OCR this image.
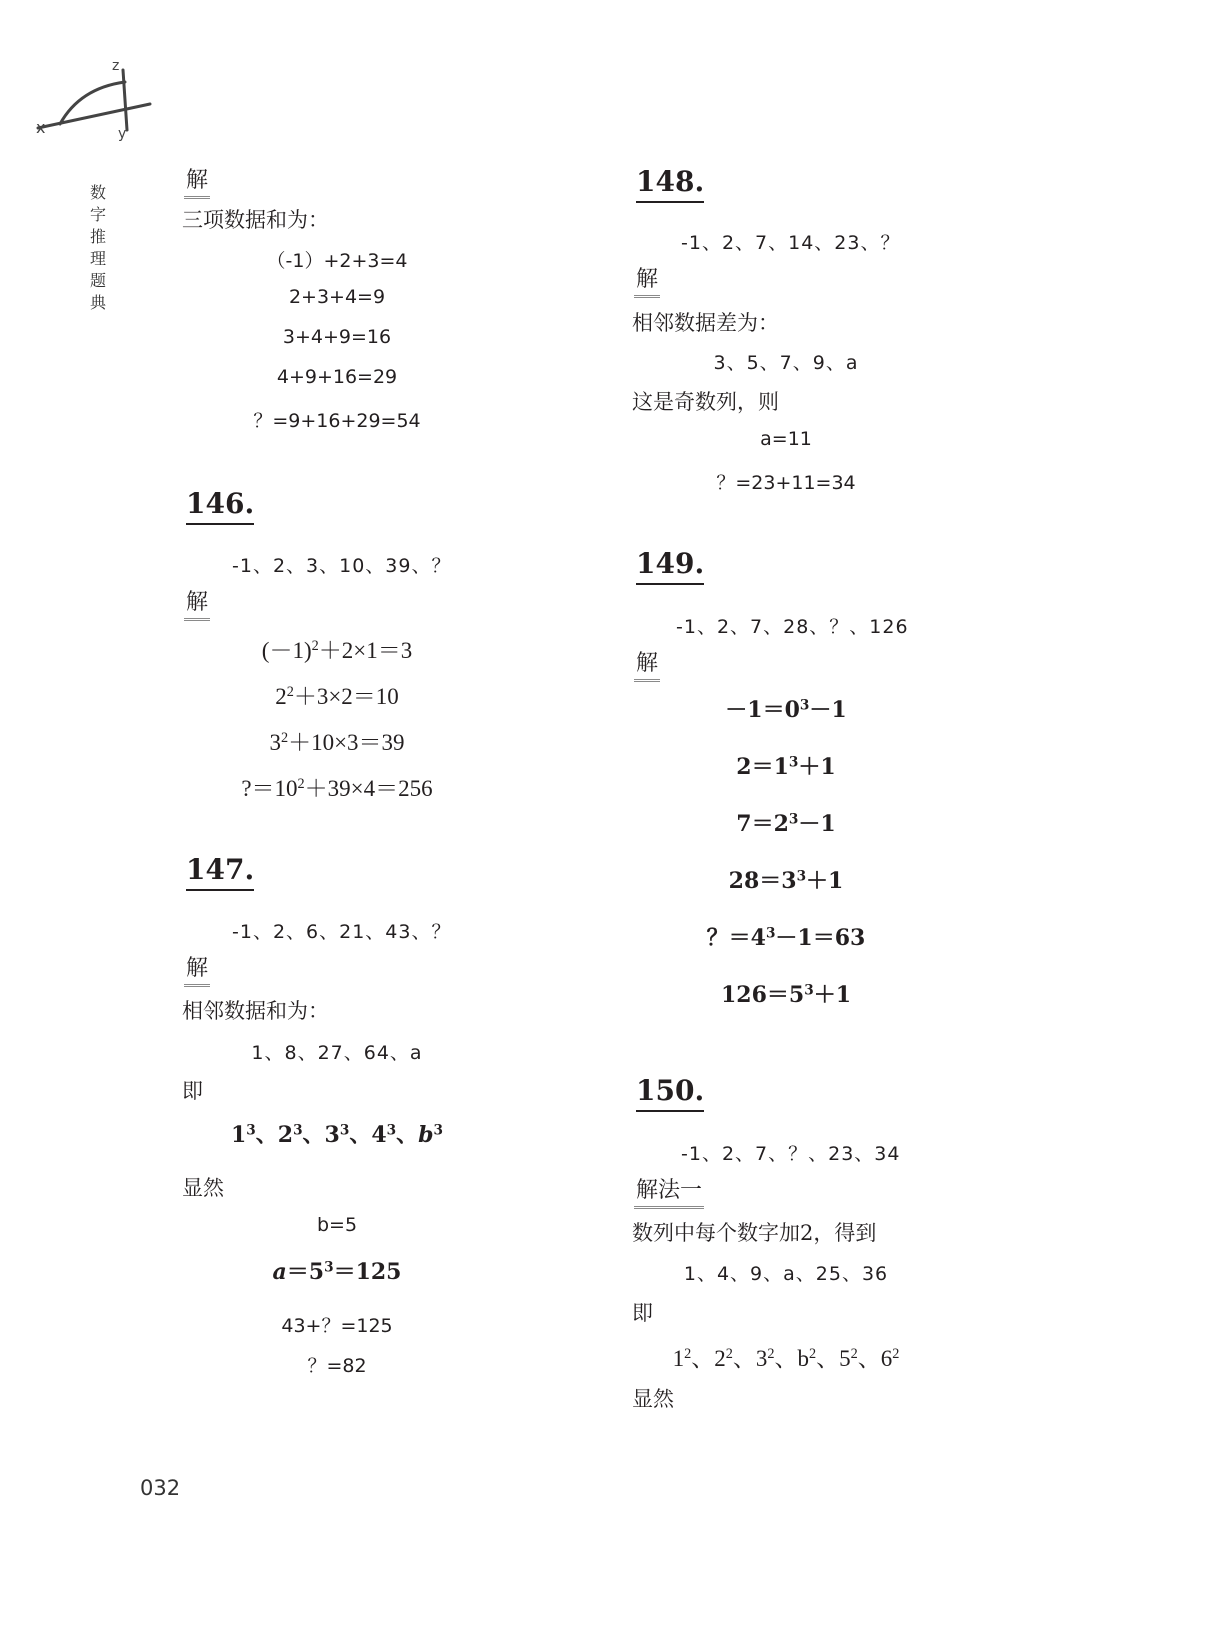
x	y
z
数
字
推
理
题
典
解
三项数据和为：
（-1）+2+3=4
2+3+4=9
3+4+9=16
4+9+16=29
？=9+16+29=54
146.
-1、2、3、10、39、？
解
$(-1)^2+2\times 1=3$
$2^2+3\times 2=10$
$3^2+10\times 3=39$
$?=10^2+39\times 4=256$
147.
-1、2、6、21、43、？
解
相邻数据和为：
1、8、27、64、a
即
$1^3$、$2^3$、$3^3$、$4^3$、$b^3$
显然
b=5
$a=5^3=125$
43+？=125
？=82
148.
-1、2、7、14、23、？
解
相邻数据差为：
3、5、7、9、a
这是奇数列，则
a=11
？=23+11=34
149.
-1、2、7、28、？、126
解
$-1=0^3-1$
$2=1^3+1$
$7=2^3-1$
$28=3^3+1$
？$=4^3-1=63$
$126=5^3+1$
150.
-1、2、7、？、23、34
解法一
数列中每个数字加2，得到
1、4、9、a、25、36
即
$1^2$、$2^2$、$3^2$、$b^2$、$5^2$、$6^2$
显然
032
